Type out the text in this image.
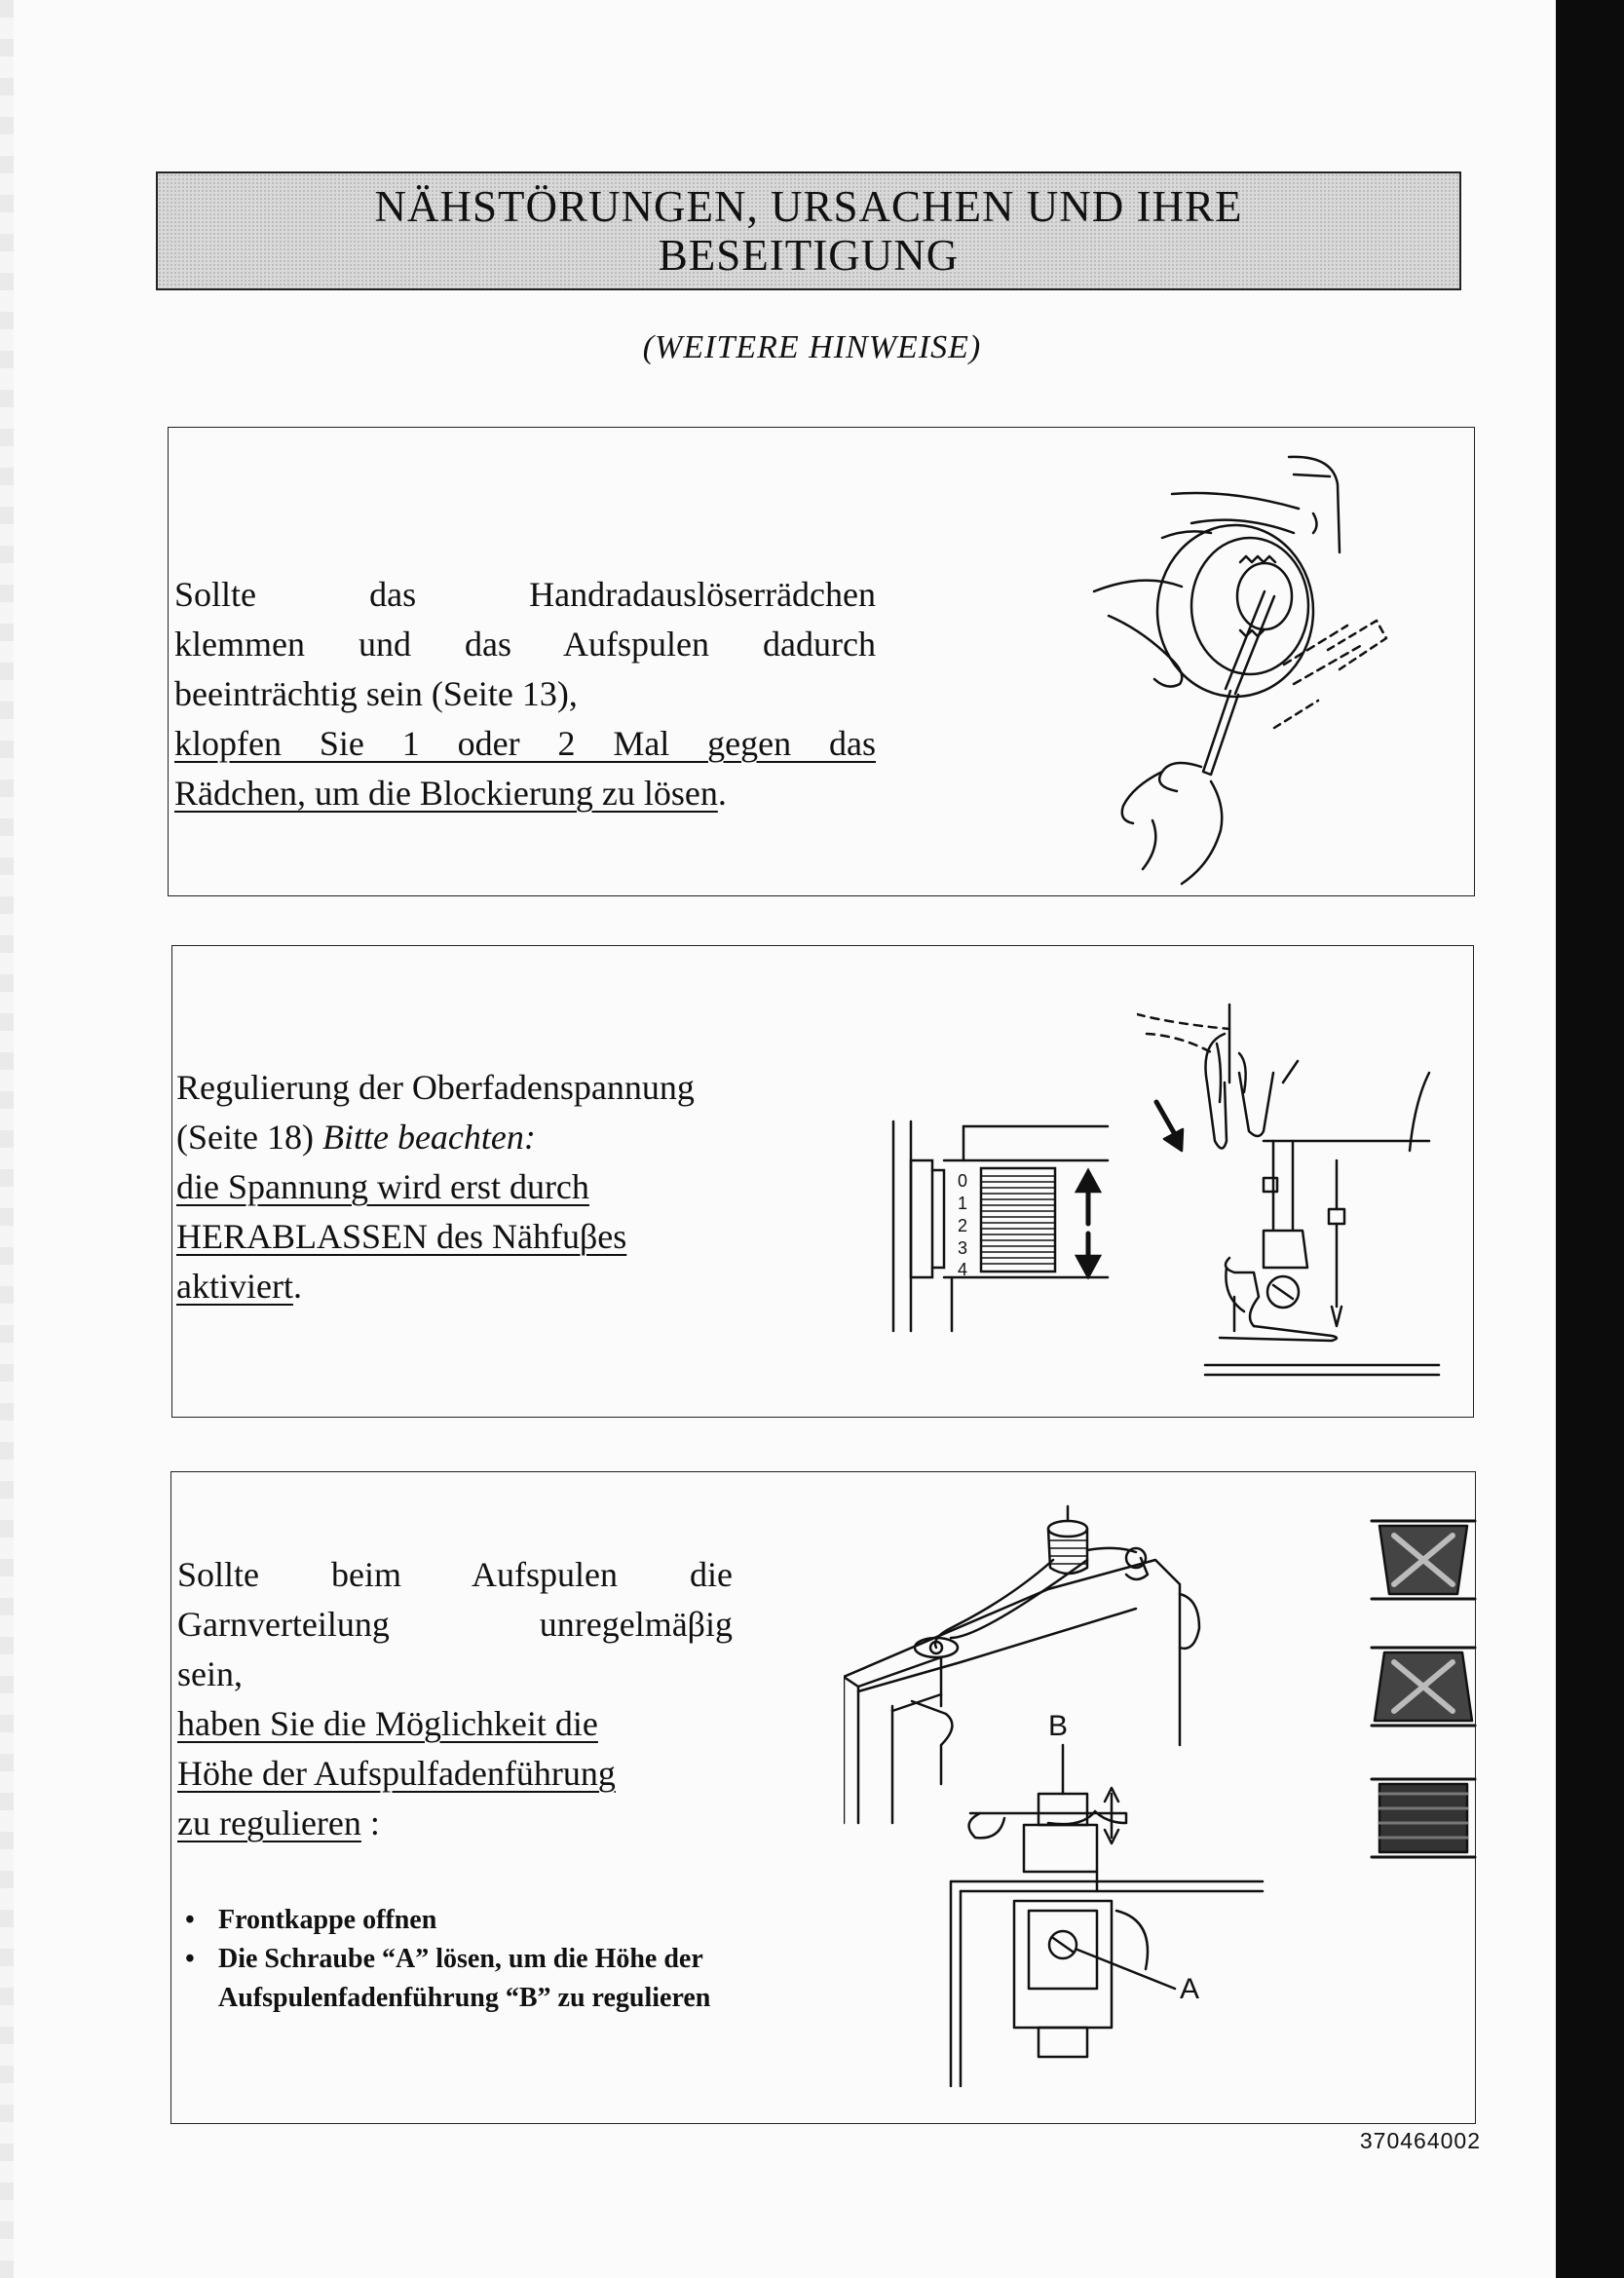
NÄHSTÖRUNGEN, URSACHEN UND IHRE BESEITIGUNG
(WEITERE HINWEISE)
Sollte das Handradauslöserrädchen
klemmen und das Aufspulen dadurch
beeinträchtig sein (Seite 13),
klopfen Sie 1 oder 2 Mal gegen das
Rädchen, um die Blockierung zu lösen.
Regulierung der Oberfadenspannung
(Seite 18) Bitte beachten:
die Spannung wird erst durch
HERABLASSEN des Nähfuβes
aktiviert.
0
1
2
3
4
Sollte beim Aufspulen die
Garnverteilung unregelmäβig
sein,
haben Sie die Möglichkeit die
Höhe der Aufspulfadenführung
zu regulieren :
• Frontkappe offnen
• Die Schraube “A” lösen, um die Höhe der Aufspulenfadenführung “B” zu regulieren
B
A
370464002
